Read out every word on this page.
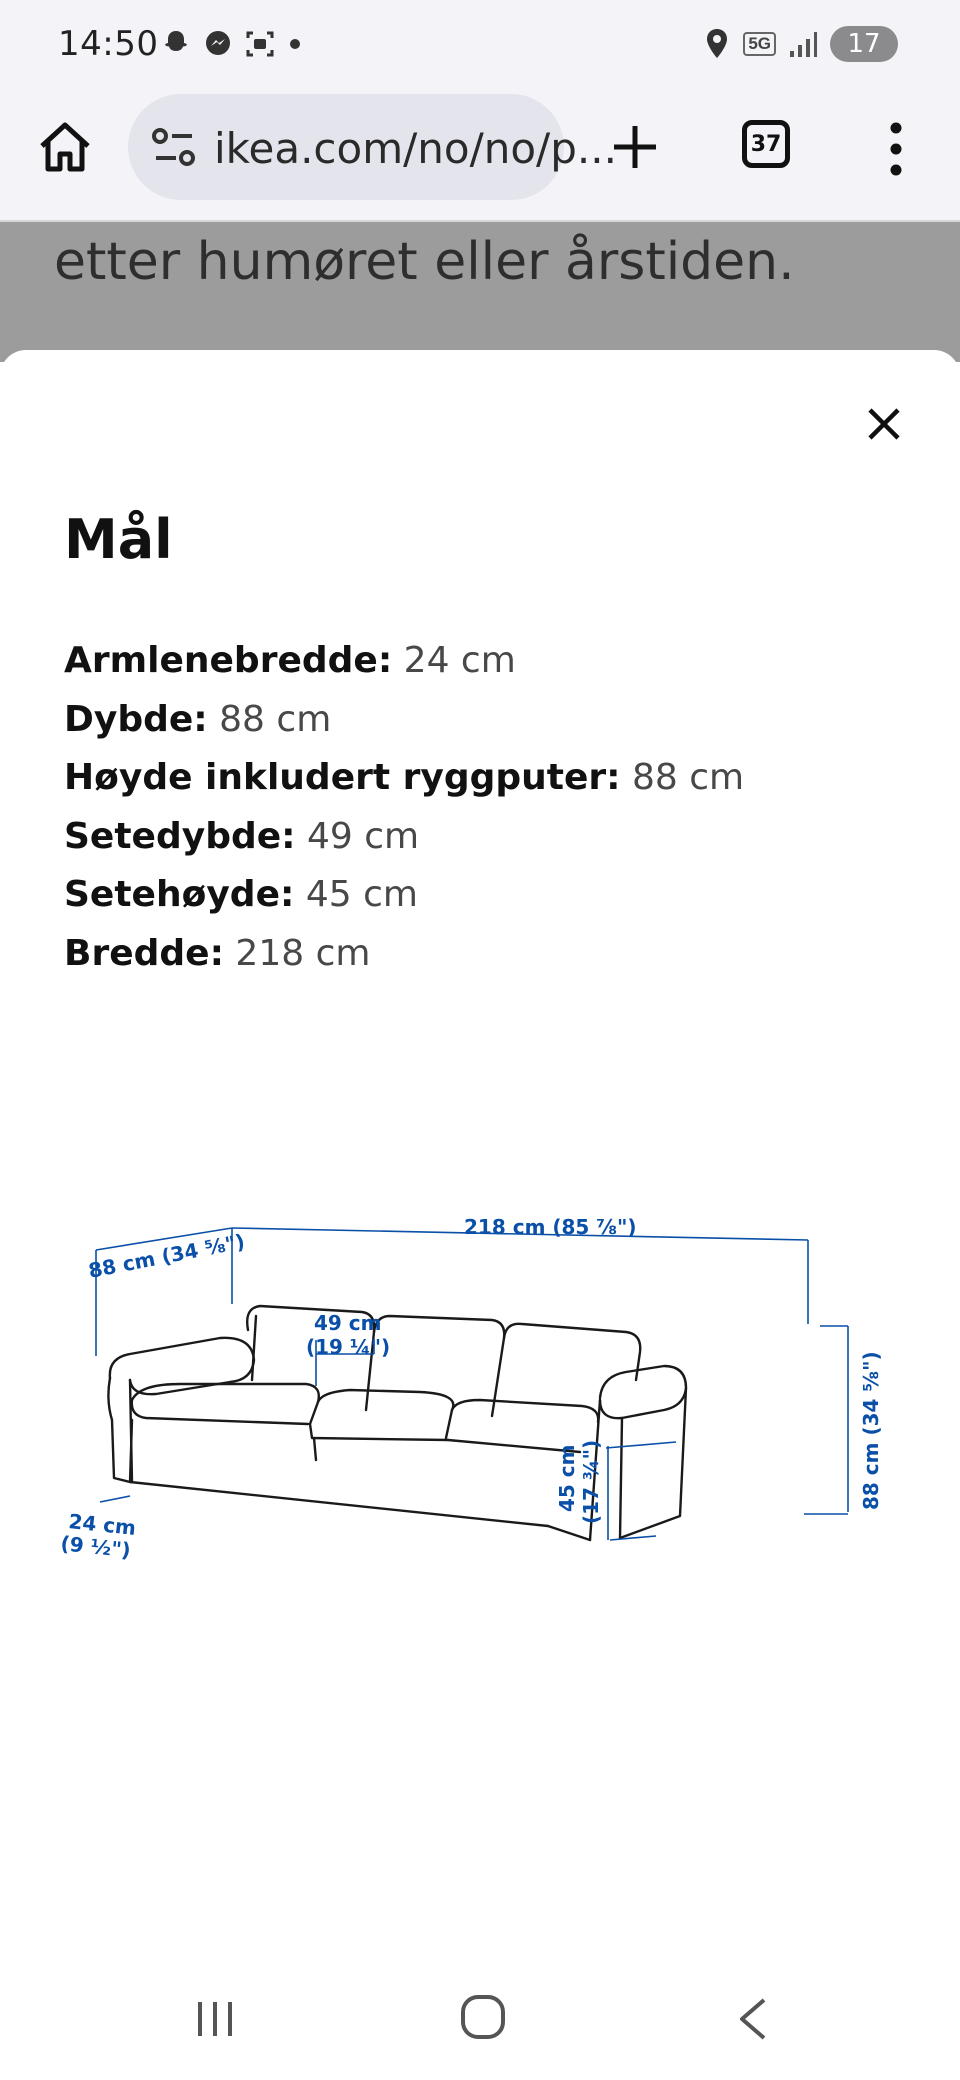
14:50	5G	17
ikea.com/no/no/p...	37
etter humøret eller årstiden.
Mål
Armlenebredde: 24 cm
Dybde: 88 cm
Høyde inkludert ryggputer: 88 cm
Setedybde: 49 cm
Setehøyde: 45 cm
Bredde: 218 cm
88 cm (34 ⅝")
218 cm (85 ⅞")
49 cm
(19 ¼")
88 cm (34 ⅝")
45 cm (17 ¾")
24 cm
(9 ½")
